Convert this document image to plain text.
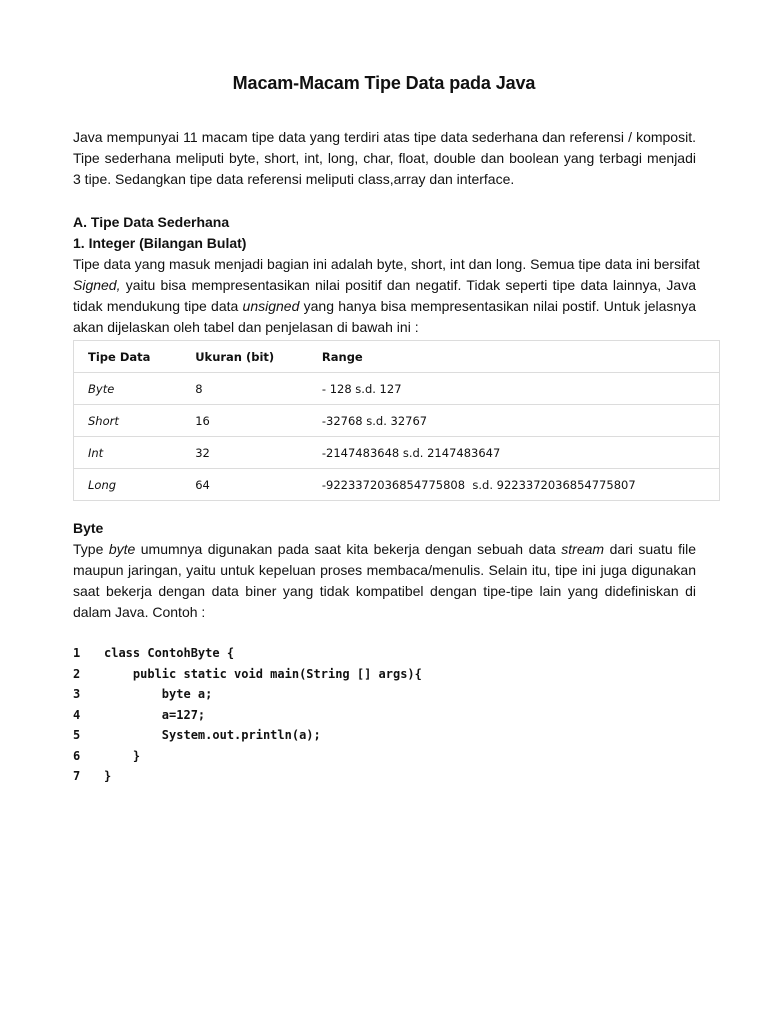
Macam-Macam Tipe Data pada Java
Java mempunyai 11 macam tipe data yang terdiri atas tipe data sederhana dan referensi / komposit.
Tipe sederhana meliputi byte, short, int, long, char, float, double dan boolean yang terbagi menjadi
3 tipe. Sedangkan tipe data referensi meliputi class,array dan interface.
A. Tipe Data Sederhana
1. Integer (Bilangan Bulat)
Tipe data yang masuk menjadi bagian ini adalah byte, short, int dan long. Semua tipe data ini bersifat
Signed, yaitu bisa mempresentasikan nilai positif dan negatif. Tidak seperti tipe data lainnya, Java
tidak mendukung tipe data unsigned yang hanya bisa mempresentasikan nilai postif. Untuk jelasnya
akan dijelaskan oleh tabel dan penjelasan di bawah ini :
Tipe Data	Ukuran (bit)	Range
Byte	8	- 128 s.d. 127
Short	16	-32768 s.d. 32767
Int	32	-2147483648 s.d. 2147483647
Long	64	-9223372036854775808  s.d. 9223372036854775807
Byte
Type byte umumnya digunakan pada saat kita bekerja dengan sebuah data stream dari suatu file
maupun jaringan, yaitu untuk kepeluan proses membaca/menulis. Selain itu, tipe ini juga digunakan
saat bekerja dengan data biner yang tidak kompatibel dengan tipe-tipe lain yang didefiniskan di
dalam Java. Contoh :
1 class ContohByte {
2    public static void main(String [] args){
3        byte a;
4        a=127;
5        System.out.println(a);
6    }
7 }
